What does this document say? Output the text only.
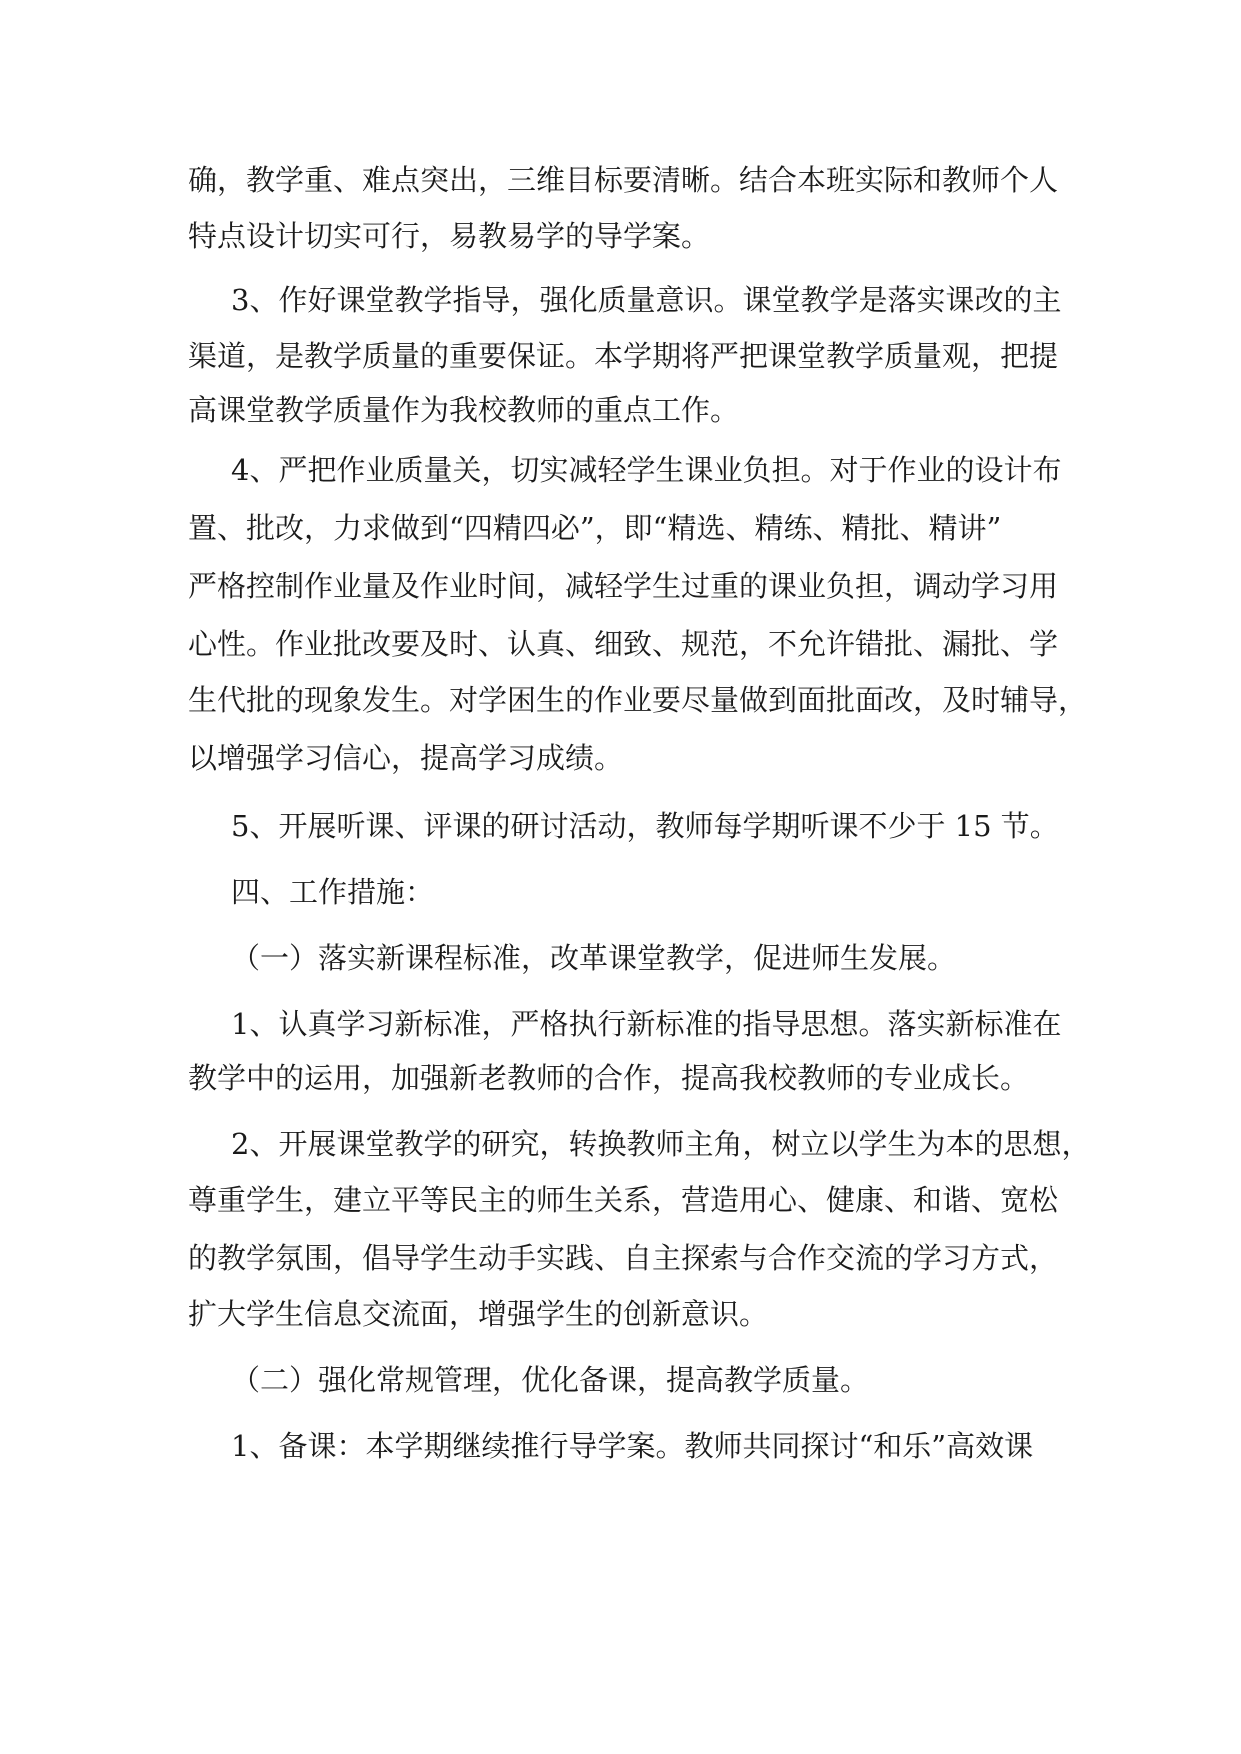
确，教学重、难点突出，三维目标要清晰。结合本班实际和教师个人
特点设计切实可行，易教易学的导学案。
3、作好课堂教学指导，强化质量意识。课堂教学是落实课改的主
渠道，是教学质量的重要保证。本学期将严把课堂教学质量观，把提
高课堂教学质量作为我校教师的重点工作。
4、严把作业质量关，切实减轻学生课业负担。对于作业的设计布
置、批改，力求做到“四精四必”，即“精选、精练、精批、精讲”
严格控制作业量及作业时间，减轻学生过重的课业负担，调动学习用
心性。作业批改要及时、认真、细致、规范，不允许错批、漏批、学
生代批的现象发生。对学困生的作业要尽量做到面批面改，及时辅导，
以增强学习信心，提高学习成绩。
5、开展听课、评课的研讨活动，教师每学期听课不少于 15 节。
四、工作措施：
（一）落实新课程标准，改革课堂教学，促进师生发展。
1、认真学习新标准，严格执行新标准的指导思想。落实新标准在
教学中的运用，加强新老教师的合作，提高我校教师的专业成长。
2、开展课堂教学的研究，转换教师主角，树立以学生为本的思想，
尊重学生，建立平等民主的师生关系，营造用心、健康、和谐、宽松
的教学氛围，倡导学生动手实践、自主探索与合作交流的学习方式，
扩大学生信息交流面，增强学生的创新意识。
（二）强化常规管理，优化备课，提高教学质量。
1、备课：本学期继续推行导学案。教师共同探讨“和乐”高效课
